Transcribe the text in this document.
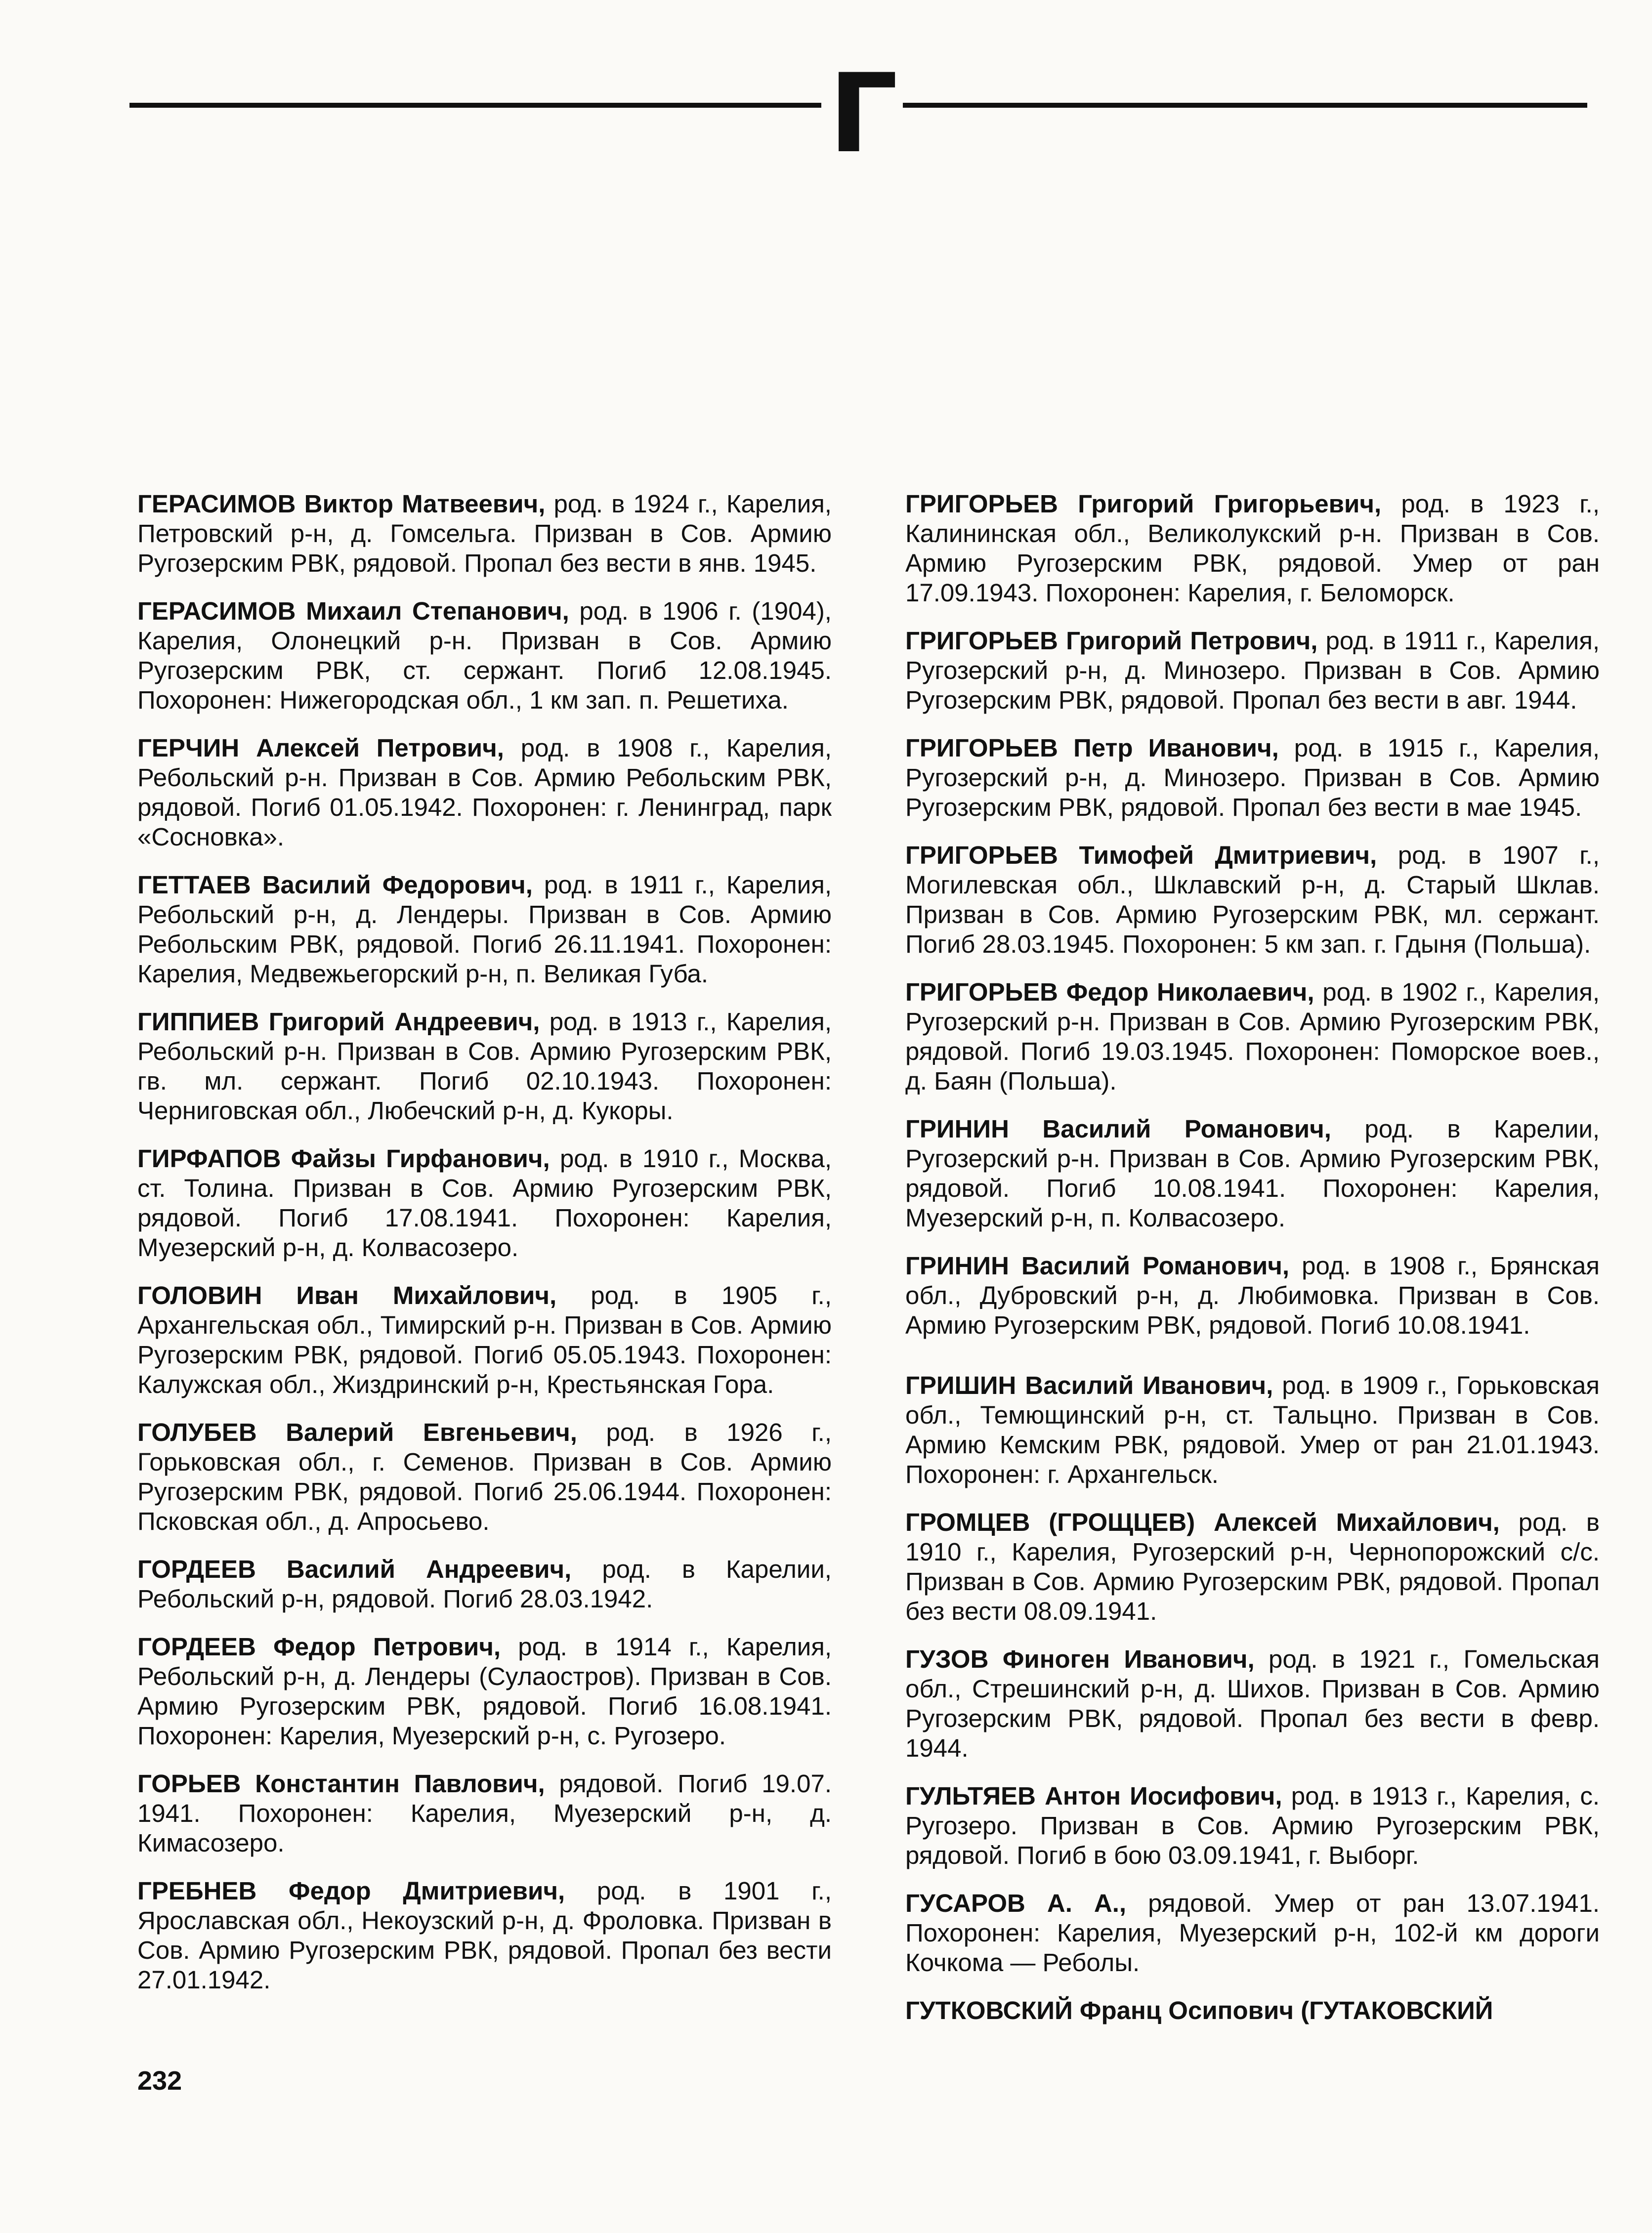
Г

ГЕРАСИМОВ Виктор Матвеевич, род. в 1924 г., Карелия, Петровский р-н, д. Гомсельга. Призван в Сов. Армию Ругозерским РВК, рядовой. Пропал без вести в янв. 1945.

ГЕРАСИМОВ Михаил Степанович, род. в 1906 г. (1904), Карелия, Олонецкий р-н. Призван в Сов. Армию Ругозерским РВК, ст. сержант. Погиб 12.08.1945. Похоронен: Нижегородская обл., 1 км зап. п. Решетиха.

ГЕРЧИН Алексей Петрович, род. в 1908 г., Карелия, Ребольский р-н. Призван в Сов. Армию Ребольским РВК, рядовой. Погиб 01.05.1942. Похоронен: г. Ленинград, парк «Сосновка».

ГЕТТАЕВ Василий Федорович, род. в 1911 г., Карелия, Ребольский р-н, д. Лендеры. Призван в Сов. Армию Ребольским РВК, рядовой. Погиб 26.11.1941. Похоронен: Карелия, Медвежьегорский р-н, п. Великая Губа.

ГИППИЕВ Григорий Андреевич, род. в 1913 г., Карелия, Ребольский р-н. Призван в Сов. Армию Ругозерским РВК, гв. мл. сержант. Погиб 02.10.1943. Похоронен: Черниговская обл., Любечский р-н, д. Кукоры.

ГИРФАПОВ Файзы Гирфанович, род. в 1910 г., Москва, ст. Толина. Призван в Сов. Армию Ругозерским РВК, рядовой. Погиб 17.08.1941. Похоронен: Карелия, Муезерский р-н, д. Колвасозеро.

ГОЛОВИН Иван Михайлович, род. в 1905 г., Архангельская обл., Тимирский р-н. Призван в Сов. Армию Ругозерским РВК, рядовой. Погиб 05.05.1943. Похоронен: Калужская обл., Жиздринский р-н, Крестьянская Гора.

ГОЛУБЕВ Валерий Евгеньевич, род. в 1926 г., Горьковская обл., г. Семенов. Призван в Сов. Армию Ругозерским РВК, рядовой. Погиб 25.06.1944. Похоронен: Псковская обл., д. Апросьево.

ГОРДЕЕВ Василий Андреевич, род. в Карелии, Ребольский р-н, рядовой. Погиб 28.03.1942.

ГОРДЕЕВ Федор Петрович, род. в 1914 г., Карелия, Ребольский р-н, д. Лендеры (Сулаостров). Призван в Сов. Армию Ругозерским РВК, рядовой. Погиб 16.08.1941. Похоронен: Карелия, Муезерский р-н, с. Ругозеро.

ГОРЬЕВ Константин Павлович, рядовой. Погиб 19.07. 1941. Похоронен: Карелия, Муезерский р-н, д. Кимасозеро.

ГРЕБНЕВ Федор Дмитриевич, род. в 1901 г., Ярославская обл., Некоузский р-н, д. Фроловка. Призван в Сов. Армию Ругозерским РВК, рядовой. Пропал без вести 27.01.1942.

ГРИГОРЬЕВ Григорий Григорьевич, род. в 1923 г., Калининская обл., Великолукский р-н. Призван в Сов. Армию Ругозерским РВК, рядовой. Умер от ран 17.09.1943. Похоронен: Карелия, г. Беломорск.

ГРИГОРЬЕВ Григорий Петрович, род. в 1911 г., Карелия, Ругозерский р-н, д. Минозеро. Призван в Сов. Армию Ругозерским РВК, рядовой. Пропал без вести в авг. 1944.

ГРИГОРЬЕВ Петр Иванович, род. в 1915 г., Карелия, Ругозерский р-н, д. Минозеро. Призван в Сов. Армию Ругозерским РВК, рядовой. Пропал без вести в мае 1945.

ГРИГОРЬЕВ Тимофей Дмитриевич, род. в 1907 г., Могилевская обл., Шклавский р-н, д. Старый Шклав. Призван в Сов. Армию Ругозерским РВК, мл. сержант. Погиб 28.03.1945. Похоронен: 5 км зап. г. Гдыня (Польша).

ГРИГОРЬЕВ Федор Николаевич, род. в 1902 г., Карелия, Ругозерский р-н. Призван в Сов. Армию Ругозерским РВК, рядовой. Погиб 19.03.1945. Похоронен: Поморское воев., д. Баян (Польша).

ГРИНИН Василий Романович, род. в Карелии, Ругозерский р-н. Призван в Сов. Армию Ругозерским РВК, рядовой. Погиб 10.08.1941. Похоронен: Карелия, Муезерский р-н, п. Колвасозеро.

ГРИНИН Василий Романович, род. в 1908 г., Брянская обл., Дубровский р-н, д. Любимовка. Призван в Сов. Армию Ругозерским РВК, рядовой. Погиб 10.08.1941.

ГРИШИН Василий Иванович, род. в 1909 г., Горьковская обл., Темющинский р-н, ст. Тальцно. Призван в Сов. Армию Кемским РВК, рядовой. Умер от ран 21.01.1943. Похоронен: г. Архангельск.

ГРОМЦЕВ (ГРОЩЦЕВ) Алексей Михайлович, род. в 1910 г., Карелия, Ругозерский р-н, Чернопорожский с/с. Призван в Сов. Армию Ругозерским РВК, рядовой. Пропал без вести 08.09.1941.

ГУЗОВ Финоген Иванович, род. в 1921 г., Гомельская обл., Стрешинский р-н, д. Шихов. Призван в Сов. Армию Ругозерским РВК, рядовой. Пропал без вести в февр. 1944.

ГУЛЬТЯЕВ Антон Иосифович, род. в 1913 г., Карелия, с. Ругозеро. Призван в Сов. Армию Ругозерским РВК, рядовой. Погиб в бою 03.09.1941, г. Выборг.

ГУСАРОВ А. А., рядовой. Умер от ран 13.07.1941. Похоронен: Карелия, Муезерский р-н, 102-й км дороги Кочкома — Реболы.

ГУТКОВСКИЙ Франц Осипович (ГУТАКОВСКИЙ

232
